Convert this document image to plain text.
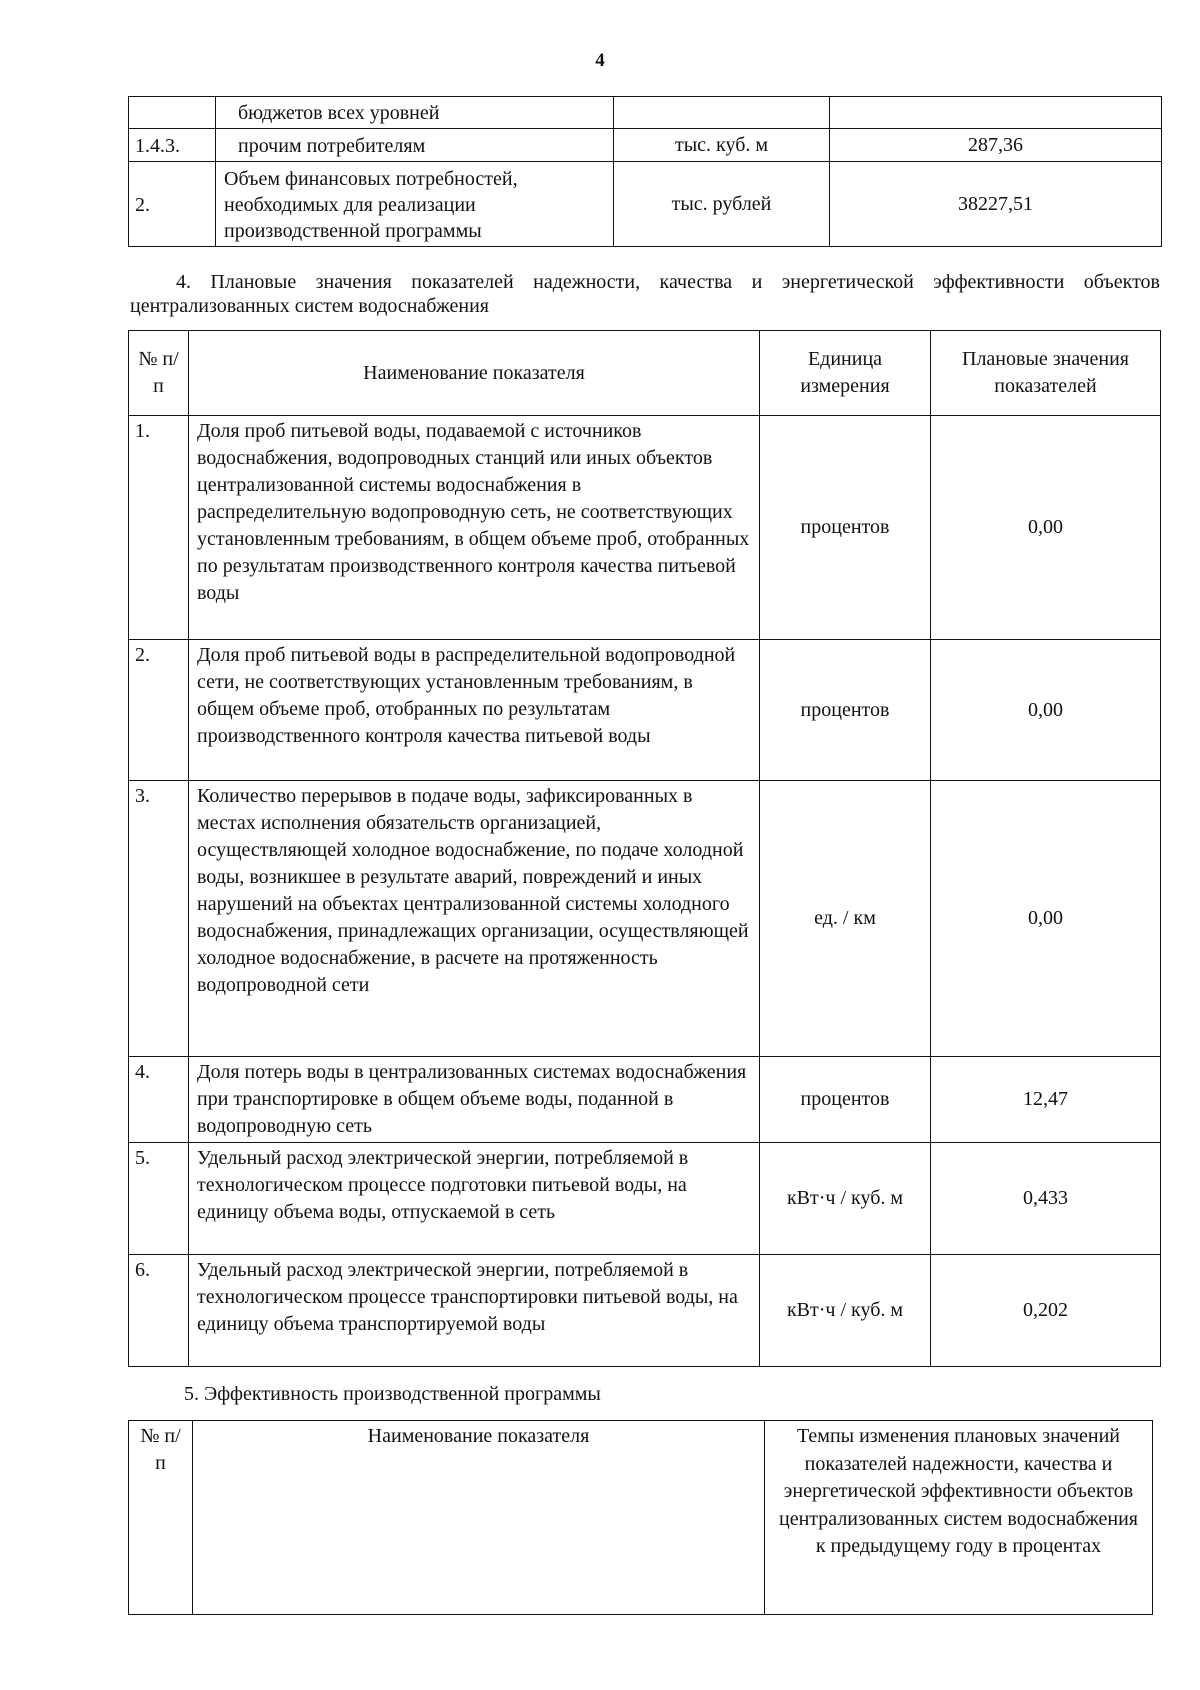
4
	бюджетов всех уровней		
1.4.3.	прочим потребителям	тыс. куб. м	287,36
2.	Объем финансовых потребностей, необходимых для реализации производственной программы	тыс. рублей	38227,51
4. Плановые значения показателей надежности, качества и энергетической эффективности объектов централизованных систем водоснабжения
№ п/п	Наименование показателя	Единица измерения	Плановые значения показателей
1.	Доля проб питьевой воды, подаваемой с источников водоснабжения, водопроводных станций или иных объектов централизованной системы водоснабжения в распределительную водопроводную сеть, не соответствующих установленным требованиям, в общем объеме проб, отобранных по результатам производственного контроля качества питьевой воды	процентов	0,00
2.	Доля проб питьевой воды в распределительной водопроводной сети, не соответствующих установленным требованиям, в общем объеме проб, отобранных по результатам производственного контроля качества питьевой воды	процентов	0,00
3.	Количество перерывов в подаче воды, зафиксированных в местах исполнения обязательств организацией, осуществляющей холодное водоснабжение, по подаче холодной воды, возникшее в результате аварий, повреждений и иных нарушений на объектах централизованной системы холодного водоснабжения, принадлежащих организации, осуществляющей холодное водоснабжение, в расчете на протяженность водопроводной сети	ед. / км	0,00
4.	Доля потерь воды в централизованных системах водоснабжения при транспортировке в общем объеме воды, поданной в водопроводную сеть	процентов	12,47
5.	Удельный расход электрической энергии, потребляемой в технологическом процессе подготовки питьевой воды, на единицу объема воды, отпускаемой в сеть	кВт·ч / куб. м	0,433
6.	Удельный расход электрической энергии, потребляемой в технологическом процессе транспортировки питьевой воды, на единицу объема транспортируемой воды	кВт·ч / куб. м	0,202
5. Эффективность производственной программы
№ п/п	Наименование показателя	Темпы изменения плановых значений показателей надежности, качества и энергетической эффективности объектов централизованных систем водоснабжения к предыдущему году в процентах
